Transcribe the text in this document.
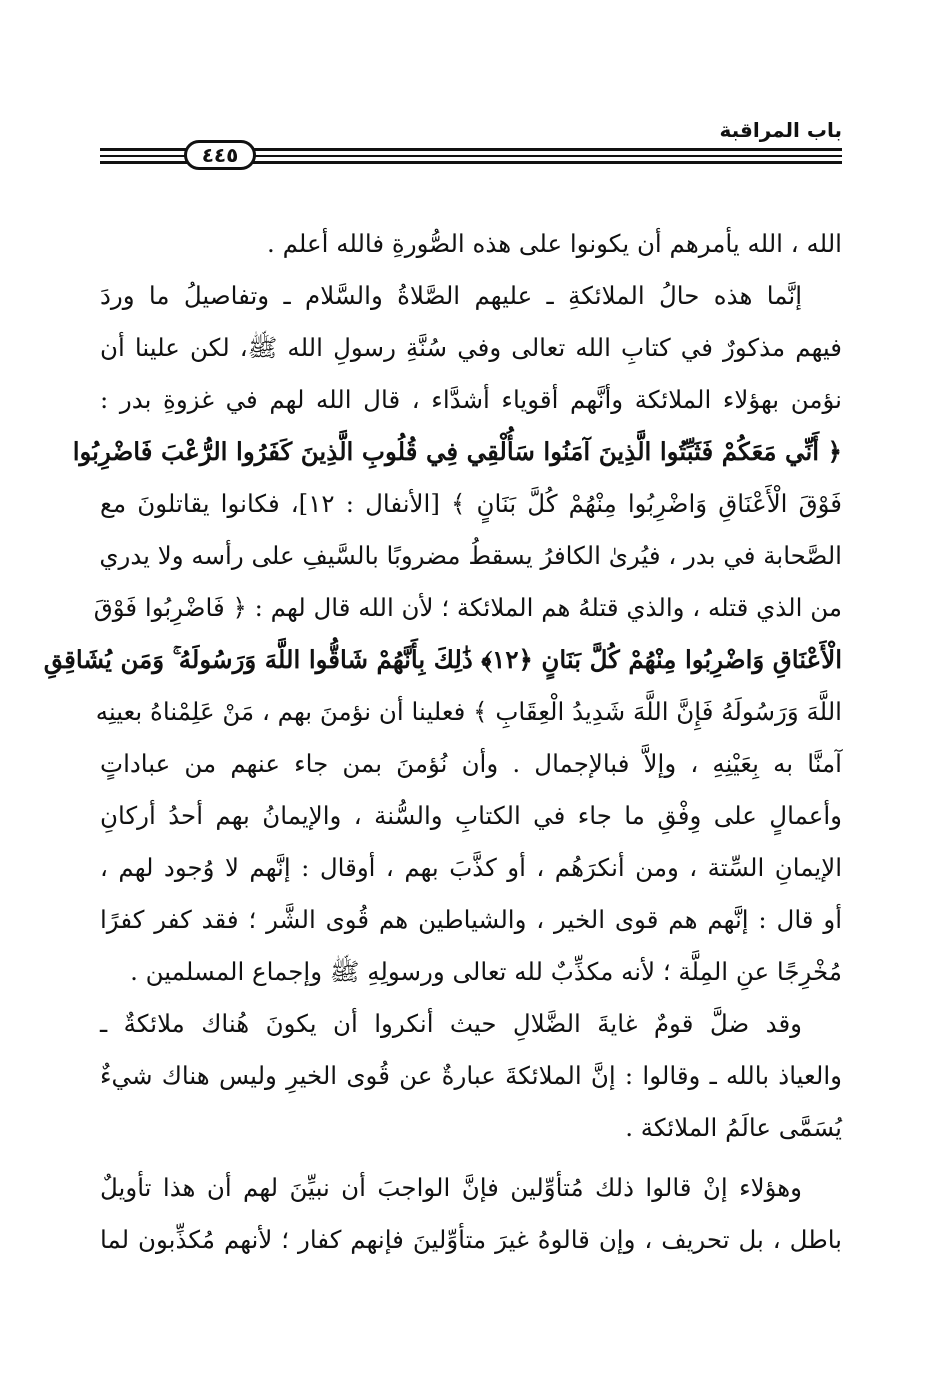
باب المراقبة
٤٤٥
الله ، الله يأمرهم أن يكونوا على هذه الصُّورةِ فالله أعلم .
إنَّما هذه حالُ الملائكةِ ـ عليهم الصَّلاةُ والسَّلام ـ وتفاصيلُ ما وردَ
فيهم مذكورٌ في كتابِ الله تعالى وفي سُنَّةِ رسولِ الله ﷺ، لكن علينا أن
نؤمن بهؤلاء الملائكة وأنَّهم أقوياء أشدَّاء ، قال الله لهم في غزوةِ بدر :
﴿ أَنِّي مَعَكُمْ فَثَبِّتُوا الَّذِينَ آمَنُوا سَأُلْقِي فِي قُلُوبِ الَّذِينَ كَفَرُوا الرُّعْبَ فَاضْرِبُوا
فَوْقَ الْأَعْنَاقِ وَاضْرِبُوا مِنْهُمْ كُلَّ بَنَانٍ ﴾ [الأنفال : ١٢]، فكانوا يقاتلونَ مع
الصَّحابة في بدر ، فيُرىٰ الكافرُ يسقطُ مضروبًا بالسَّيفِ على رأسه ولا يدري
من الذي قتله ، والذي قتلهُ هم الملائكة ؛ لأن الله قال لهم : ﴿ فَاضْرِبُوا فَوْقَ
الْأَعْنَاقِ وَاضْرِبُوا مِنْهُمْ كُلَّ بَنَانٍ ﴿١٢﴾ ذَٰلِكَ بِأَنَّهُمْ شَاقُّوا اللَّهَ وَرَسُولَهُ ۚ وَمَن يُشَاقِقِ
اللَّهَ وَرَسُولَهُ فَإِنَّ اللَّهَ شَدِيدُ الْعِقَابِ ﴾ فعلينا أن نؤمنَ بهم ، مَنْ عَلِمْناهُ بعينِه
آمنَّا به بِعَيْنِهِ ، وإلاَّ فبالإجمال . وأن نُؤمنَ بمن جاء عنهم من عباداتٍ
وأعمالٍ على وِفْقِ ما جاء في الكتابِ والسُّنة ، والإيمانُ بهم أحدُ أركانِ
الإيمانِ السِّتة ، ومن أنكرَهُم ، أو كذَّبَ بهم ، أوقال : إنَّهم لا وُجود لهم ،
أو قال : إنَّهم هم قوى الخير ، والشياطين هم قُوى الشَّر ؛ فقد كفر كفرًا
مُخْرِجًا عنِ المِلَّة ؛ لأنه مكذِّبٌ لله تعالى ورسولِهِ ﷺ وإجماع المسلمين .
وقد ضلَّ قومٌ غايةَ الضَّلالِ حيث أنكروا أن يكونَ هُناك ملائكةٌ ـ
والعياذ بالله ـ وقالوا : إنَّ الملائكةَ عبارةٌ عن قُوى الخيرِ وليس هناك شيءٌ
يُسَمَّى عالَمُ الملائكة .
وهؤلاء إنْ قالوا ذلك مُتأوِّلين فإنَّ الواجبَ أن نبيِّنَ لهم أن هذا تأويلٌ
باطل ، بل تحريف ، وإن قالوهُ غيرَ متأوِّلينَ فإنهم كفار ؛ لأنهم مُكذِّبون لما
